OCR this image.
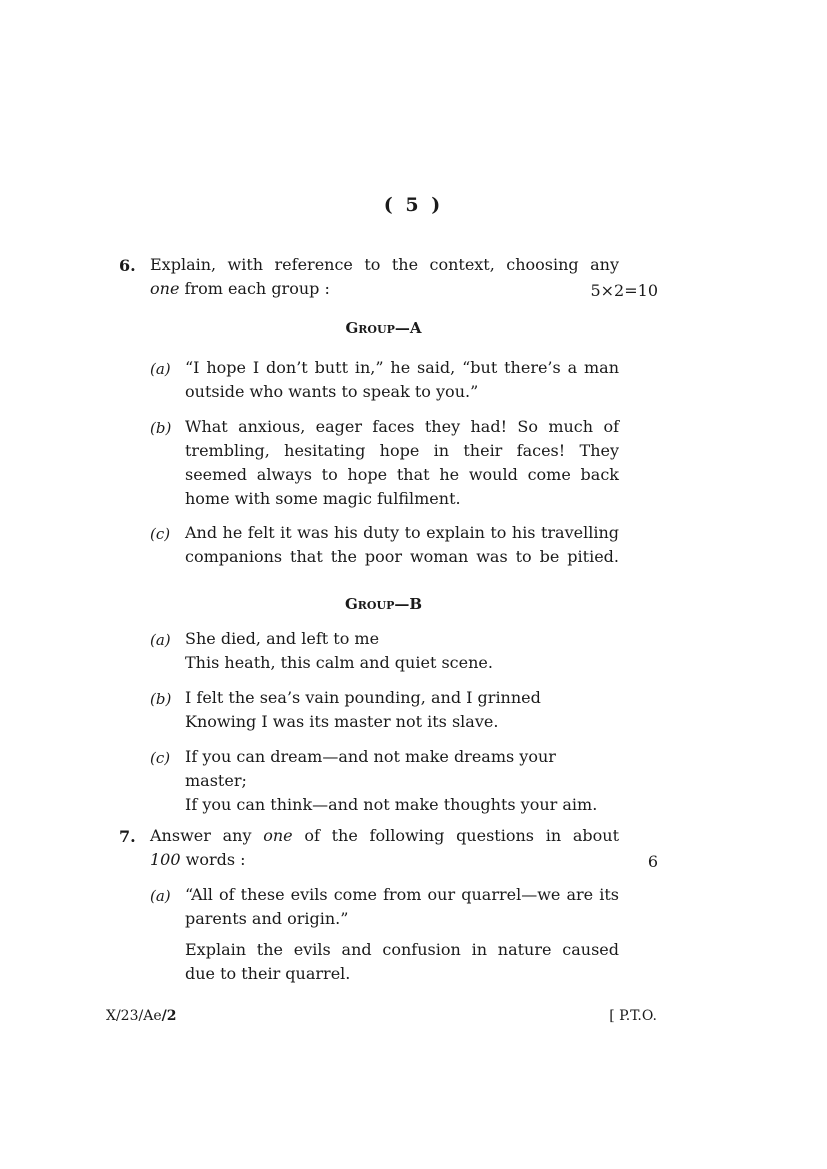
( 5 )
6. Explain, with reference to the context, choosing any
one from each group :	5×2=10
Group—A
(a) “I hope I don’t butt in,” he said, “but there’s a man
outside who wants to speak to you.”
(b) What anxious, eager faces they had! So much of
trembling, hesitating hope in their faces! They
seemed always to hope that he would come back
home with some magic fulfilment.
(c) And he felt it was his duty to explain to his travelling
companions that the poor woman was to be pitied.
Group—B
(a) She died, and left to me
This heath, this calm and quiet scene.
(b) I felt the sea’s vain pounding, and I grinned
Knowing I was its master not its slave.
(c) If you can dream—and not make dreams your master;
If you can think—and not make thoughts your aim.
7. Answer any one of the following questions in about
100 words :	6
(a) “All of these evils come from our quarrel—we are its
parents and origin.”
Explain the evils and confusion in nature caused
due to their quarrel.
X/23/Ae/2	[ P.T.O.
